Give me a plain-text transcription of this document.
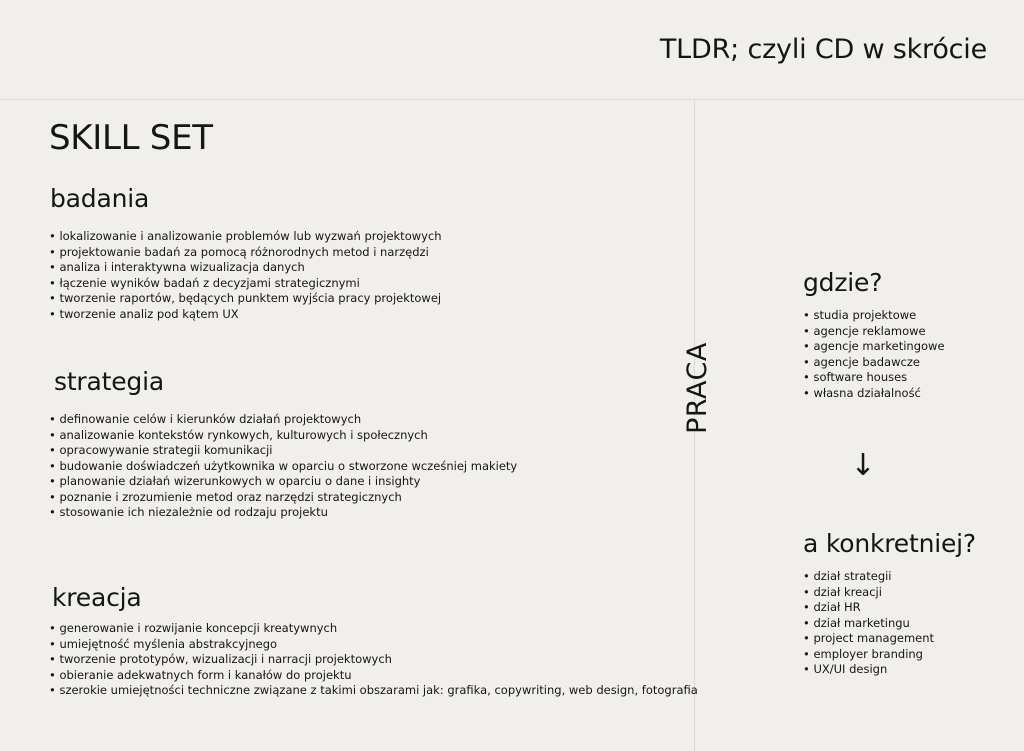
TLDR; czyli CD w skrócie
SKILL SET
badania
• lokalizowanie i analizowanie problemów lub wyzwań projektowych
• projektowanie badań za pomocą różnorodnych metod i narzędzi
• analiza i interaktywna wizualizacja danych
• łączenie wyników badań z decyzjami strategicznymi
• tworzenie raportów, będących punktem wyjścia pracy projektowej
• tworzenie analiz pod kątem UX
strategia
• definowanie celów i kierunków działań projektowych
• analizowanie kontekstów rynkowych, kulturowych i społecznych
• opracowywanie strategii komunikacji
• budowanie doświadczeń użytkownika w oparciu o stworzone wcześniej makiety
• planowanie działań wizerunkowych w oparciu o dane i insighty
• poznanie i zrozumienie metod oraz narzędzi strategicznych
• stosowanie ich niezależnie od rodzaju projektu
kreacja
• generowanie i rozwijanie koncepcji kreatywnych
• umiejętność myślenia abstrakcyjnego
• tworzenie prototypów, wizualizacji i narracji projektowych
• obieranie adekwatnych form i kanałów do projektu
• szerokie umiejętności techniczne związane z takimi obszarami jak: grafika, copywriting, web design, fotografia
PRACA
gdzie?
• studia projektowe
• agencje reklamowe
• agencje marketingowe
• agencje badawcze
• software houses
• własna działalność
↓
a konkretniej?
• dział strategii
• dział kreacji
• dział HR
• dział marketingu
• project management
• employer branding
• UX/UI design
